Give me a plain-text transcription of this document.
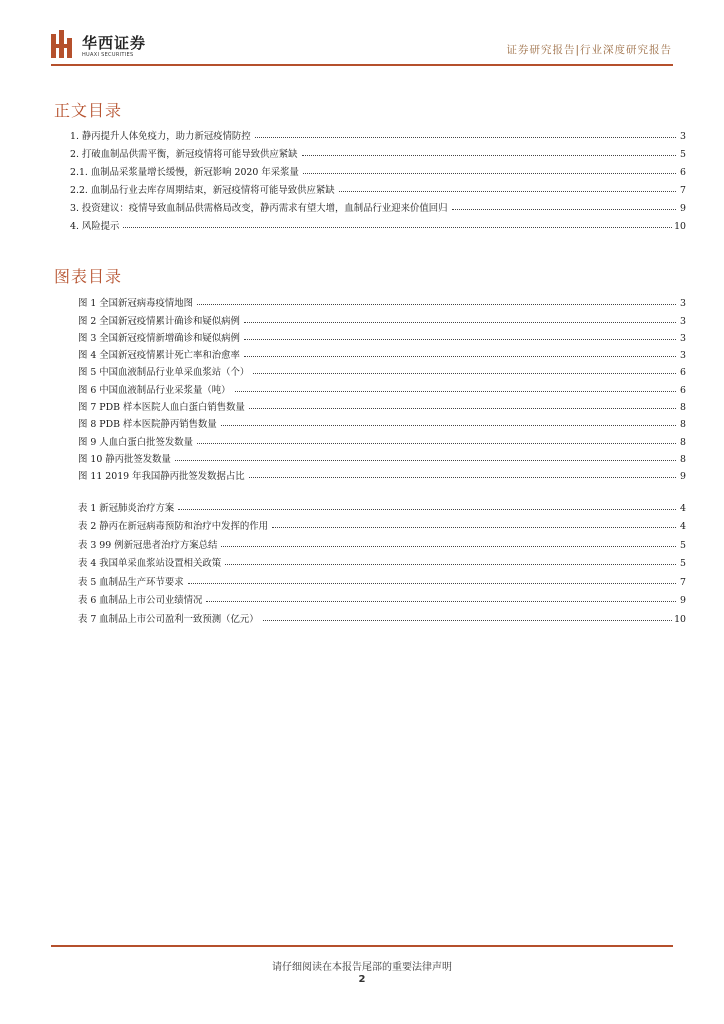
华西证券
HUAXI SECURITIES	证券研究报告|行业深度研究报告
正文目录
1. 静丙提升人体免疫力，助力新冠疫情防控	3
2. 打破血制品供需平衡，新冠疫情将可能导致供应紧缺	5
2.1. 血制品采浆量增长缓慢，新冠影响 2020 年采浆量	6
2.2. 血制品行业去库存周期结束，新冠疫情将可能导致供应紧缺	7
3. 投资建议：疫情导致血制品供需格局改变，静丙需求有望大增，血制品行业迎来价值回归	9
4. 风险提示	10
图表目录
图 1 全国新冠病毒疫情地图	3
图 2 全国新冠疫情累计确诊和疑似病例	3
图 3 全国新冠疫情新增确诊和疑似病例	3
图 4 全国新冠疫情累计死亡率和治愈率	3
图 5 中国血液制品行业单采血浆站（个）	6
图 6 中国血液制品行业采浆量（吨）	6
图 7 PDB 样本医院人血白蛋白销售数量	8
图 8 PDB 样本医院静丙销售数量	8
图 9 人血白蛋白批签发数量	8
图 10 静丙批签发数量	8
图 11 2019 年我国静丙批签发数据占比	9
表 1 新冠肺炎治疗方案	4
表 2 静丙在新冠病毒预防和治疗中发挥的作用	4
表 3 99 例新冠患者治疗方案总结	5
表 4 我国单采血浆站设置相关政策	5
表 5 血制品生产环节要求	7
表 6 血制品上市公司业绩情况	9
表 7 血制品上市公司盈利一致预测（亿元）	10
请仔细阅读在本报告尾部的重要法律声明
2
